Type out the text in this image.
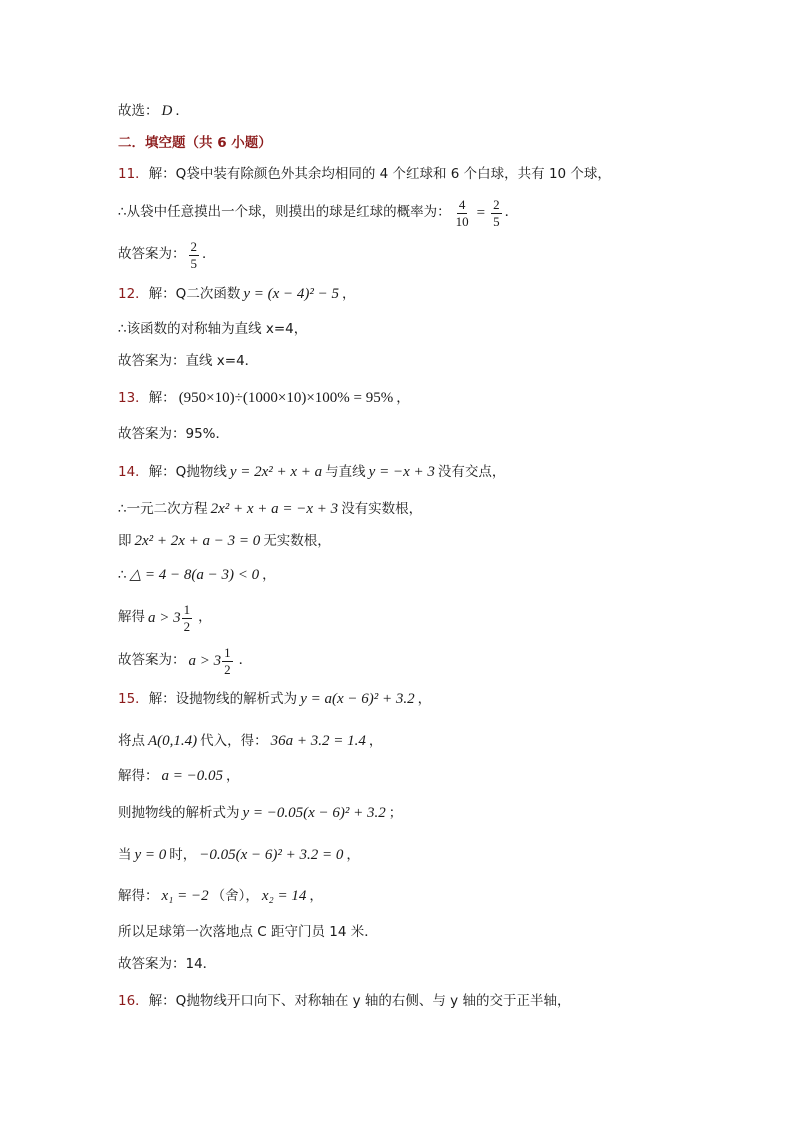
故选： D ．
二．填空题（共 6 小题）
11． 解：Q袋中装有除颜色外其余均相同的 4 个红球和 6 个白球，共有 10 个球，
∴从袋中任意摸出一个球，则摸出的球是红球的概率为： $\frac{4}{10} = \frac{2}{5}$ ．
故答案为： $\frac{2}{5}$ ．
12． 解：Q二次函数 y = (x − 4)² − 5 ，
∴该函数的对称轴为直线 x=4，
故答案为：直线 x=4．
13． 解： (950×10)÷(1000×10)×100% = 95% ，
故答案为：95%．
14． 解：Q抛物线 y = 2x² + x + a 与直线 y = −x + 3 没有交点，
∴一元二次方程 2x² + x + a = −x + 3 没有实数根，
即 2x² + 2x + a − 3 = 0 无实数根，
∴ △ = 4 − 8(a − 3) < 0 ，
解得 $a > 3 \frac{1}{2}$ ，
故答案为： $a > 3 \frac{1}{2}$ ．
15． 解：设抛物线的解析式为 y = a(x − 6)² + 3.2 ，
将点 A(0,1.4) 代入，得： 36a + 3.2 = 1.4 ，
解得： a = −0.05 ，
则抛物线的解析式为 y = −0.05(x − 6)² + 3.2 ；
当 y = 0 时， −0.05(x − 6)² + 3.2 = 0 ，
解得： x₁ = −2 （舍）， x₂ = 14 ，
所以足球第一次落地点 C 距守门员 14 米．
故答案为：14．
16． 解：Q抛物线开口向下、对称轴在 y 轴的右侧、与 y 轴的交于正半轴，
